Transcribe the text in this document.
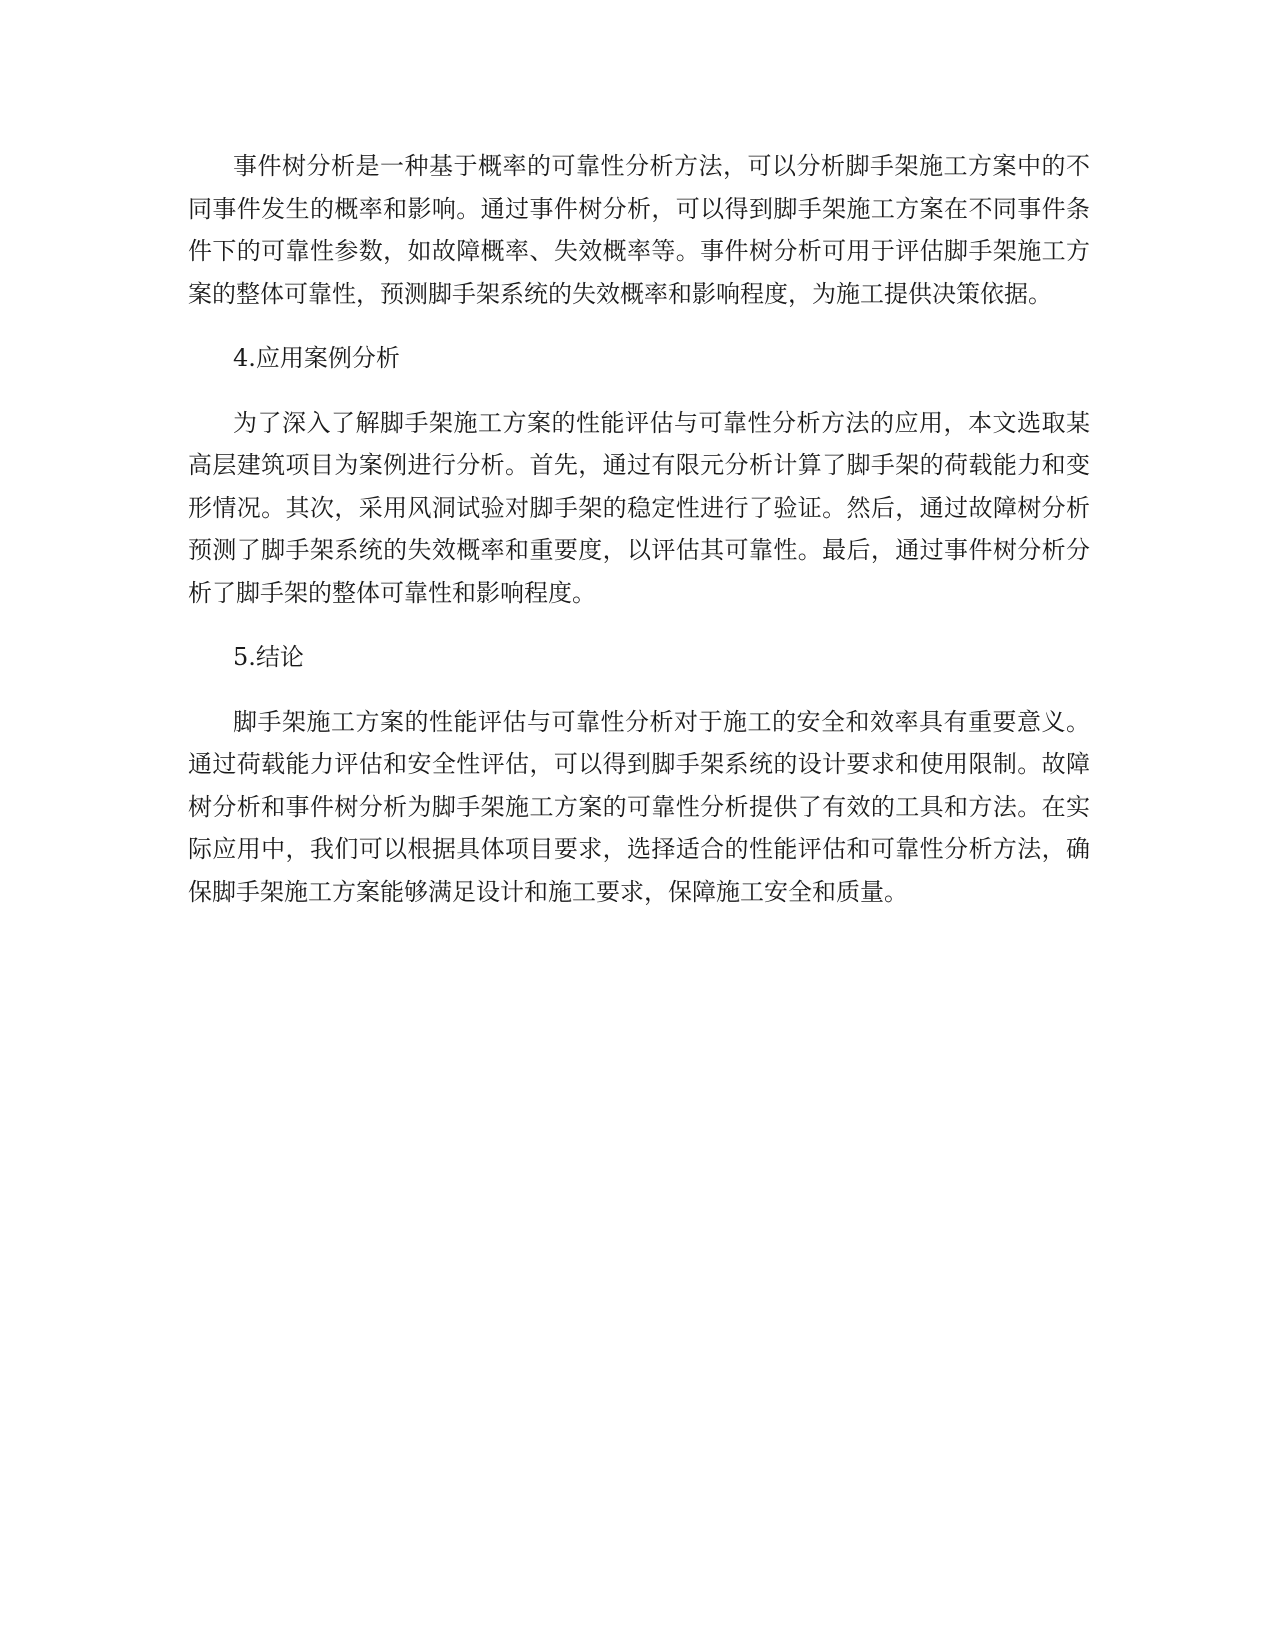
事件树分析是一种基于概率的可靠性分析方法，可以分析脚手架施工方案中的不同事件发生的概率和影响。通过事件树分析，可以得到脚手架施工方案在不同事件条件下的可靠性参数，如故障概率、失效概率等。事件树分析可用于评估脚手架施工方案的整体可靠性，预测脚手架系统的失效概率和影响程度，为施工提供决策依据。

4.应用案例分析

为了深入了解脚手架施工方案的性能评估与可靠性分析方法的应用，本文选取某高层建筑项目为案例进行分析。首先，通过有限元分析计算了脚手架的荷载能力和变形情况。其次，采用风洞试验对脚手架的稳定性进行了验证。然后，通过故障树分析预测了脚手架系统的失效概率和重要度，以评估其可靠性。最后，通过事件树分析分析了脚手架的整体可靠性和影响程度。

5.结论

脚手架施工方案的性能评估与可靠性分析对于施工的安全和效率具有重要意义。通过荷载能力评估和安全性评估，可以得到脚手架系统的设计要求和使用限制。故障树分析和事件树分析为脚手架施工方案的可靠性分析提供了有效的工具和方法。在实际应用中，我们可以根据具体项目要求，选择适合的性能评估和可靠性分析方法，确保脚手架施工方案能够满足设计和施工要求，保障施工安全和质量。
